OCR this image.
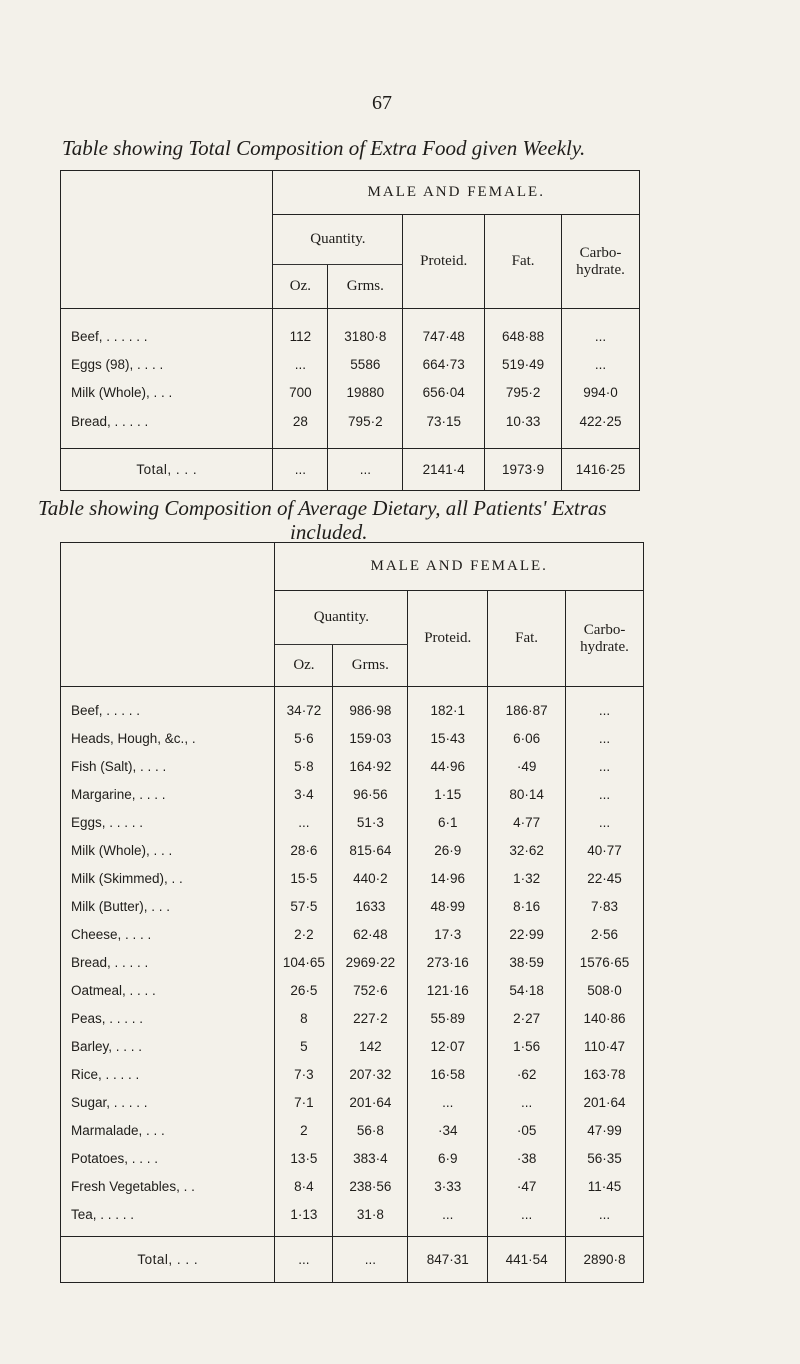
67
Table showing Total Composition of Extra Food given Weekly.
	MALE AND FEMALE.				
	Quantity.		Proteid.	Fat.	Carbo-hydrate.
	Oz.	Grms.			

Beef, . . . . . .	112	3180·8	747·48	648·88	...
Eggs (98), . . . .	...	5586	664·73	519·49	...
Milk (Whole), . . .	700	19880	656·04	795·2	994·0
Bread, . . . . .	28	795·2	73·15	10·33	422·25

Total, . . .	...	...	2141·4	1973·9	1416·25
Table showing Composition of Average Dietary, all Patients' Extras
included.
	MALE AND FEMALE.				
	Quantity.		Proteid.	Fat.	Carbo-hydrate.
	Oz.	Grms.			

Beef, . . . . .	34·72	986·98	182·1	186·87	...
Heads, Hough, &c., .	5·6	159·03	15·43	6·06	...
Fish (Salt), . . . .	5·8	164·92	44·96	·49	...
Margarine, . . . .	3·4	96·56	1·15	80·14	...
Eggs, . . . . .	...	51·3	6·1	4·77	...
Milk (Whole), . . .	28·6	815·64	26·9	32·62	40·77
Milk (Skimmed), . .	15·5	440·2	14·96	1·32	22·45
Milk (Butter), . . .	57·5	1633	48·99	8·16	7·83
Cheese, . . . .	2·2	62·48	17·3	22·99	2·56
Bread, . . . . .	104·65	2969·22	273·16	38·59	1576·65
Oatmeal, . . . .	26·5	752·6	121·16	54·18	508·0
Peas, . . . . .	8	227·2	55·89	2·27	140·86
Barley, . . . .	5	142	12·07	1·56	110·47
Rice, . . . . .	7·3	207·32	16·58	·62	163·78
Sugar, . . . . .	7·1	201·64	...	...	201·64
Marmalade, . . .	2	56·8	·34	·05	47·99
Potatoes, . . . .	13·5	383·4	6·9	·38	56·35
Fresh Vegetables, . .	8·4	238·56	3·33	·47	11·45
Tea, . . . . .	1·13	31·8	...	...	...

Total, . . .	...	...	847·31	441·54	2890·8
